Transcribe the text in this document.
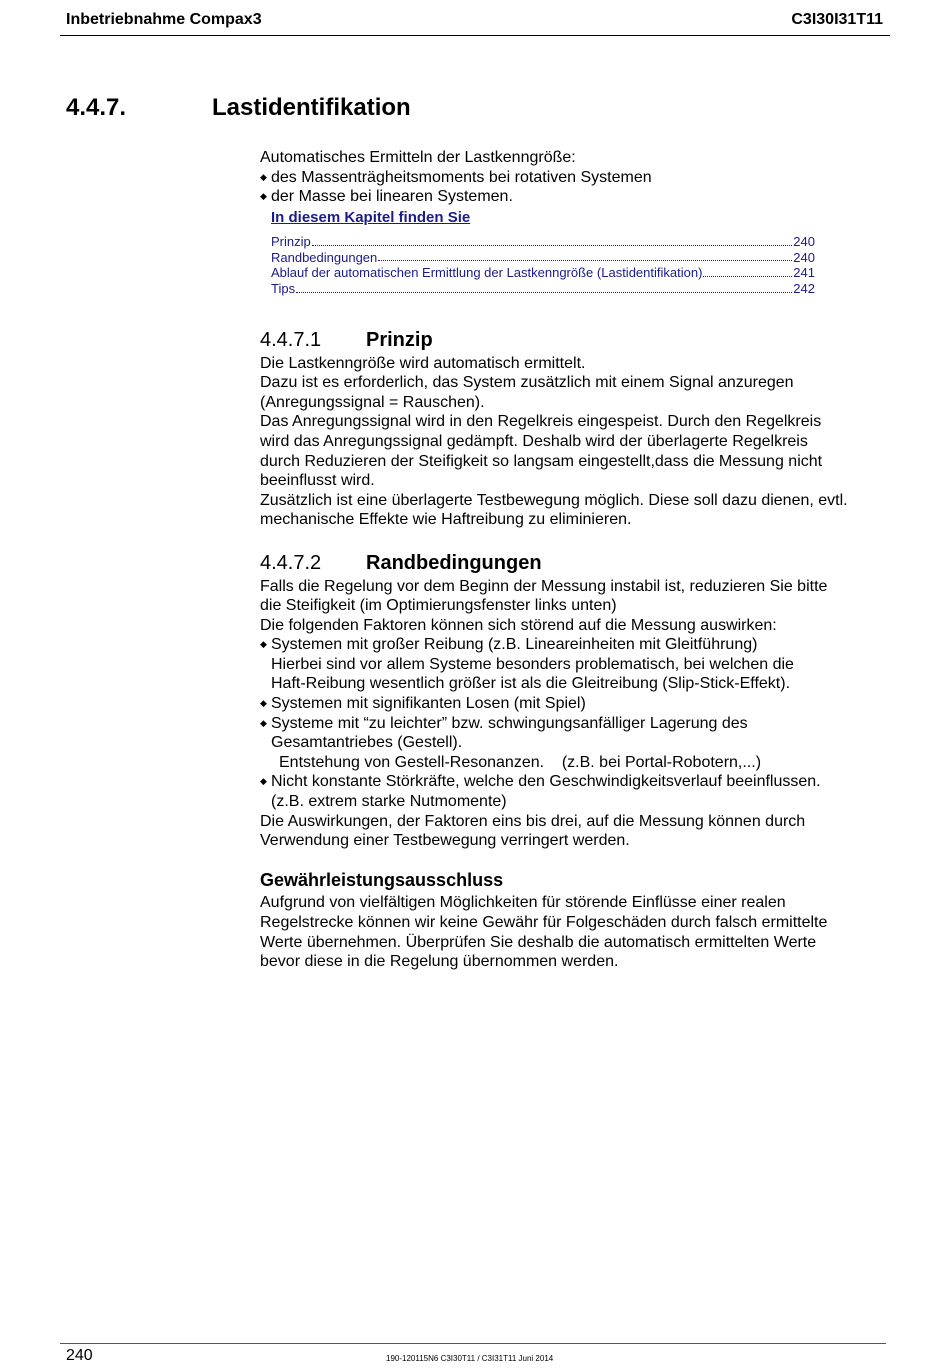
Inbetriebnahme Compax3	C3I30I31T11
4.4.7.	Lastidentifikation

Automatisches Ermitteln der Lastkenngröße:

◆ des Massenträgheitsmoments bei rotativen Systemen
◆ der Masse bei linearen Systemen.
In diesem Kapitel finden Sie
Prinzip	240
Randbedingungen	240
Ablauf der automatischen Ermittlung der Lastkenngröße (Lastidentifikation)	241
Tips	242
4.4.7.1	Prinzip

Die Lastkenngröße wird automatisch ermittelt.

Dazu ist es erforderlich, das System zusätzlich mit einem Signal anzuregen

(Anregungssignal = Rauschen).

Das Anregungssignal wird in den Regelkreis eingespeist. Durch den Regelkreis

wird das Anregungssignal gedämpft. Deshalb wird der überlagerte Regelkreis

durch Reduzieren der Steifigkeit so langsam eingestellt,dass die Messung nicht

beeinflusst wird.

Zusätzlich ist eine überlagerte Testbewegung möglich. Diese soll dazu dienen, evtl.

mechanische Effekte wie Haftreibung zu eliminieren.

4.4.7.2	Randbedingungen

Falls die Regelung vor dem Beginn der Messung instabil ist, reduzieren Sie bitte

die Steifigkeit (im Optimierungsfenster links unten)

Die folgenden Faktoren können sich störend auf die Messung auswirken:

◆ Systemen mit großer Reibung (z.B. Lineareinheiten mit Gleitführung)

Hierbei sind vor allem Systeme besonders problematisch, bei welchen die

Haft-Reibung wesentlich größer ist als die Gleitreibung (Slip-Stick-Effekt).

◆ Systemen mit signifikanten Losen (mit Spiel)
◆ Systeme mit “zu leichter” bzw. schwingungsanfälliger Lagerung des

Gesamtantriebes (Gestell).

Entstehung von Gestell-Resonanzen.    (z.B. bei Portal-Robotern,...)

◆ Nicht konstante Störkräfte, welche den Geschwindigkeitsverlauf beeinflussen.

(z.B. extrem starke Nutmomente)

Die Auswirkungen, der Faktoren eins bis drei, auf die Messung können durch

Verwendung einer Testbewegung verringert werden.

Gewährleistungsausschluss

Aufgrund von vielfältigen Möglichkeiten für störende Einflüsse einer realen

Regelstrecke können wir keine Gewähr für Folgeschäden durch falsch ermittelte

Werte übernehmen. Überprüfen Sie deshalb die automatisch ermittelten Werte

bevor diese in die Regelung übernommen werden.

240	190-120115N6 C3I30T11 / C3I31T11 Juni 2014
